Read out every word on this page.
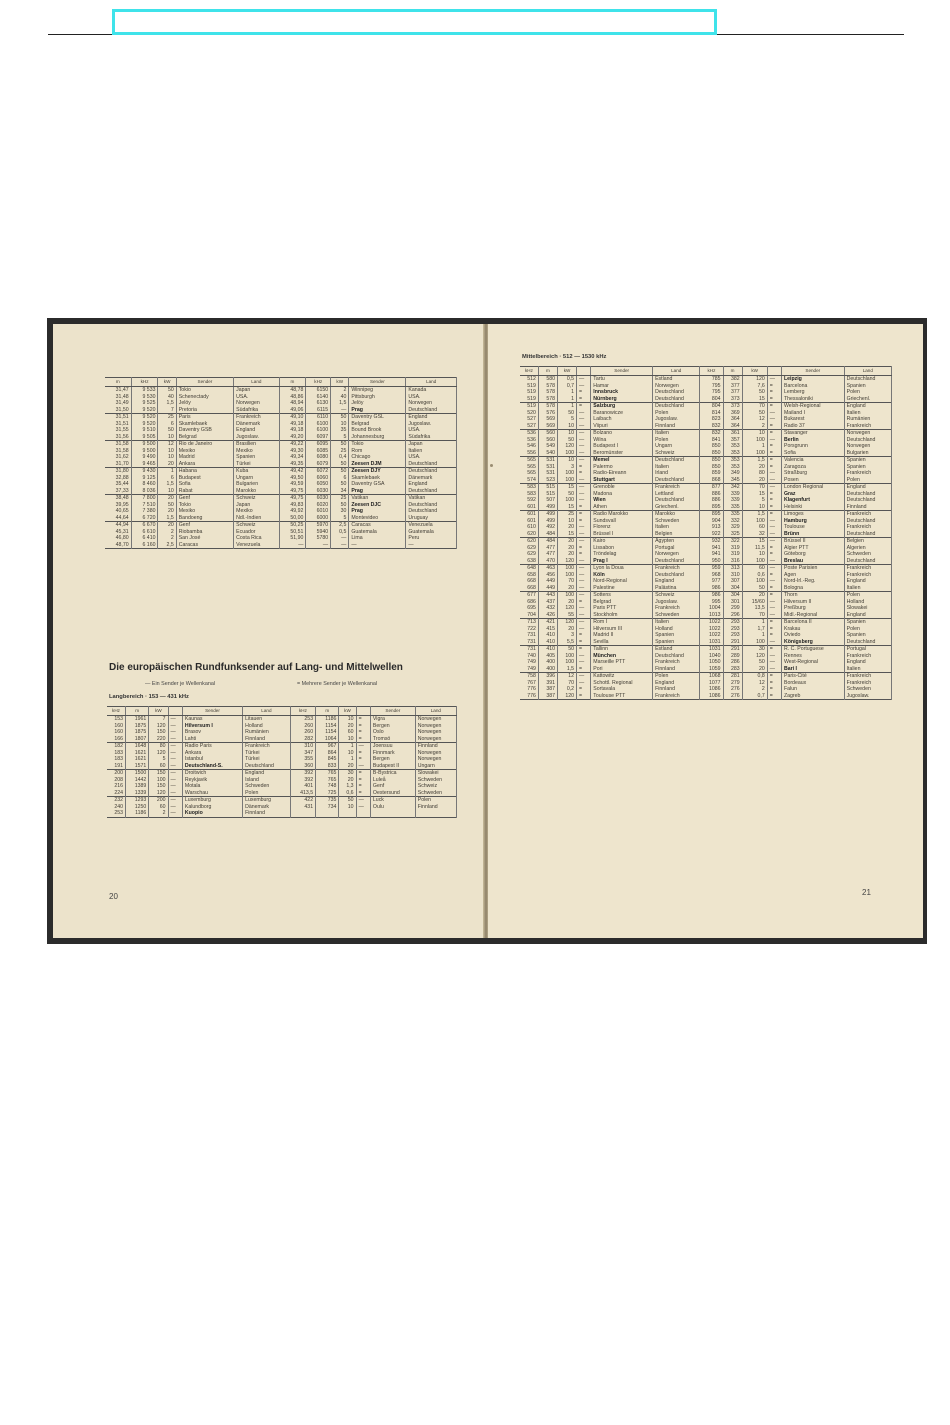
m	kHz	kW	Sender	Land	m	kHz	kW	Sender	Land
31,47	9 533	50	Tokio	Japan	48,78	6150	2	Winnipeg	Kanada
31,48	9 530	40	Schenectady	USA.	48,86	6140	40	Pittsburgh	USA.
31,49	9 525	1,5	Jelöy	Norwegen	48,94	6130	1,5	Jelöy	Norwegen
31,50	9 520	7	Pretoria	Südafrika	49,06	6115	—	Prag	Deutschland
31,51	9 520	25	Paris	Frankreich	49,10	6110	50	Daventry GSL	England
31,51	9 520	6	Skamlebaek	Dänemark	49,18	6100	10	Belgrad	Jugoslaw.
31,55	9 510	50	Daventry GSB	England	49,18	6100	35	Bound Brook	USA.
31,56	9 505	10	Belgrad	Jugoslaw.	49,20	6097	5	Johannesburg	Südafrika
31,58	9 500	12	Rio de Janeiro	Brasilien	49,22	6095	50	Tokio	Japan
31,58	9 500	10	Mexiko	Mexiko	49,30	6085	25	Rom	Italien
31,62	9 490	10	Madrid	Spanien	49,34	6080	0,4	Chicago	USA.
31,70	9 465	20	Ankara	Türkei	49,35	6079	50	Zeesen DJM	Deutschland
31,80	9 430	1	Habana	Kuba	49,42	6072	50	Zeesen DJY	Deutschland
32,88	9 125	6	Budapest	Ungarn	49,50	6060	6	Skamlebaek	Dänemark
35,44	8 460	1,5	Sofia	Bulgarien	49,59	6050	50	Daventry GSA	England
37,33	8 036	10	Rabat	Marokko	49,75	6030	34	Prag	Deutschland
38,48	7 800	20	Genf	Schweiz	49,75	6030	25	Vatikan	Vatikan
39,95	7 510	50	Tokio	Japan	49,83	6020	50	Zeesen DJC	Deutschland
40,65	7 380	20	Mexiko	Mexiko	49,92	6010	30	Prag	Deutschland
44,64	6 720	1,5	Bandoeng	Ndl.-Indien	50,00	6000	5	Montevideo	Uruguay
44,94	6 670	20	Genf	Schweiz	50,25	5970	2,5	Caracas	Venezuela
45,31	6 610	2	Riobamba	Ecuador	50,51	5940	0,5	Guatemala	Guatemala
46,80	6 410	2	San José	Costa Rica	51,90	5780	—	Lima	Peru
48,70	6 160	2,5	Caracas	Venezuela	—	—	—	—	—
Die europäischen Rundfunksender auf Lang- und Mittelwellen
— Ein Sender je Wellenkanal	= Mehrere Sender je Wellenkanal
Langbereich · 153 — 431 kHz
kHz	m	kW		Sender	Land	kHz	m	kW		Sender	Land
153	1961	7	—	Kaunas	Litauen	253	1186	10	=	Vigra	Norwegen
160	1875	120	—	Hilversum I	Holland	260	1154	20	=	Bergen	Norwegen
160	1875	150	—	Brasov	Rumänien	260	1154	60	=	Oslo	Norwegen
166	1807	220	—	Lahti	Finnland	282	1064	10	=	Tromsö	Norwegen
182	1648	80	—	Radio Paris	Frankreich	310	967	1	—	Joensuu	Finnland
183	1621	120	—	Ankara	Türkei	347	864	10	=	Finnmark	Norwegen
183	1621	5	—	Istanbul	Türkei	355	845	1	=	Bergen	Norwegen
191	1571	60	—	Deutschland-S.	Deutschland	360	833	20	—	Budapest II	Ungarn
200	1500	150	—	Droitwich	England	392	765	30	=	B-Bystrica	Slowakei
208	1442	100	—	Reykjavik	Island	392	765	20	=	Luleå	Schweden
216	1389	150	—	Motala	Schweden	401	748	1,3	=	Genf	Schweiz
224	1339	120	—	Warschau	Polen	413,5	725	0,6	=	Oestersund	Schweden
232	1293	200	—	Luxemburg	Luxemburg	422	735	50	—	Luck	Polen
240	1250	60	—	Kalundborg	Dänemark	431	734	10	—	Oulu	Finnland
253	1186	2	—	Kuopio	Finnland						
20
Mittelbereich · 512 — 1530 kHz
kHz	m	kW		Sender	Land	kHz	m	kW		Sender	Land
512	580	0,5	—	Tartu	Estland	785	382	120	—	Leipzig	Deutschland
519	578	0,7	—	Hamar	Norwegen	795	377	7,6	=	Barcelona	Spanien
519	578	1	=	Innsbruck	Deutschland	795	377	50	=	Lemberg	Polen
519	578	1	=	Nürnberg	Deutschland	804	373	15	=	Thessaloniki	Griechenl.
519	578	1	=	Salzburg	Deutschland	804	373	70	=	Welsh-Regional	England
520	576	50	—	Baranowicze	Polen	814	369	50	—	Mailand I	Italien
527	569	5	—	Laibach	Jugoslaw.	823	364	12	—	Bukarest	Rumänien
527	569	10	—	Viipuri	Finnland	832	364	2	=	Radio 37	Frankreich
536	560	10	—	Bolzano	Italien	832	361	10	=	Stavanger	Norwegen
536	560	50	—	Wilna	Polen	841	357	100	—	Berlin	Deutschland
546	549	120	—	Budapest I	Ungarn	850	353	1	=	Porsgrunn	Norwegen
556	540	100	—	Beromünster	Schweiz	850	353	100	=	Sofia	Bulgarien
565	531	10	—	Memel	Deutschland	850	353	1,5	=	Valencia	Spanien
565	531	3	=	Palermo	Italien	850	353	20	=	Zaragoza	Spanien
565	531	100	=	Radio-Eireann	Irland	859	349	80	—	Straßburg	Frankreich
574	523	100	—	Stuttgart	Deutschland	868	345	20	—	Posen	Polen
583	515	15	—	Grenoble	Frankreich	877	342	70	—	London Regional	England
583	515	50	—	Madona	Lettland	886	339	15	=	Graz	Deutschland
592	507	100	—	Wien	Deutschland	886	339	5	=	Klagenfurt	Deutschland
601	499	15	=	Athen	Griechenl.	895	335	10	=	Helsinki	Finnland
601	499	25	=	Radio Marokko	Marokko	895	335	1,5	=	Limoges	Frankreich
601	499	10	=	Sundsvall	Schweden	904	332	100	—	Hamburg	Deutschland
610	492	20	—	Florenz	Italien	913	329	60	—	Toulouse	Frankreich
620	484	15	—	Brüssel I	Belgien	922	325	32	—	Brünn	Deutschland
620	484	20	—	Kairo	Ägypten	932	322	15	—	Brüssel II	Belgien
629	477	20	=	Lissabon	Portugal	941	319	11,5	=	Algier PTT	Algerien
629	477	20	=	Tröndelag	Norwegen	941	319	10	=	Göteborg	Schweden
638	470	120	—	Prag I	Deutschland	950	316	100	—	Breslau	Deutschland
648	463	100	—	Lyon la Doua	Frankreich	959	313	60	—	Poste Parisien	Frankreich
658	456	100	—	Köln	Deutschland	968	310	0,6	=	Agen	Frankreich
668	449	70	—	Nord-Regional	England	977	307	100	—	Nord-Irl.-Reg.	England
668	449	20	—	Palestine	Palästina	986	304	50	=	Bologna	Italien
677	443	100	—	Sottens	Schweiz	986	304	20	=	Thorn	Polen
686	437	20	=	Belgrad	Jugoslaw.	995	301	15/60	—	Hilversum II	Holland
695	432	120	—	Paris PTT	Frankreich	1004	299	13,5	—	Preßburg	Slowakei
704	426	55	—	Stockholm	Schweden	1013	296	70	—	Midl.-Regional	England
713	421	120	—	Rom I	Italien	1022	293	1	=	Barcelona II	Spanien
722	415	20	—	Hilversum III	Holland	1022	293	1,7	=	Krakau	Polen
731	410	3	=	Madrid II	Spanien	1022	293	1	=	Oviedo	Spanien
731	410	5,5	=	Sevilla	Spanien	1031	291	100	—	Königsberg	Deutschland
731	410	50	=	Tallinn	Estland	1031	291	30	=	R. C. Portuguese	Portugal
740	405	100	—	München	Deutschland	1040	289	120	—	Rennes	Frankreich
749	400	100	—	Marseille PTT	Frankreich	1050	286	50	—	West-Regional	England
749	400	1,5	=	Pori	Finnland	1059	283	20	—	Bari I	Italien
758	396	12	—	Kattowitz	Polen	1068	281	0,8	=	Paris-Cité	Frankreich
767	391	70	—	Schottl. Regional	England	1077	279	12	=	Bordeaux	Frankreich
776	387	0,2	=	Sortavala	Finnland	1086	276	2	=	Falun	Schweden
776	387	120	=	Toulouse PTT	Frankreich	1086	276	0,7	=	Zagreb	Jugoslaw.
21
